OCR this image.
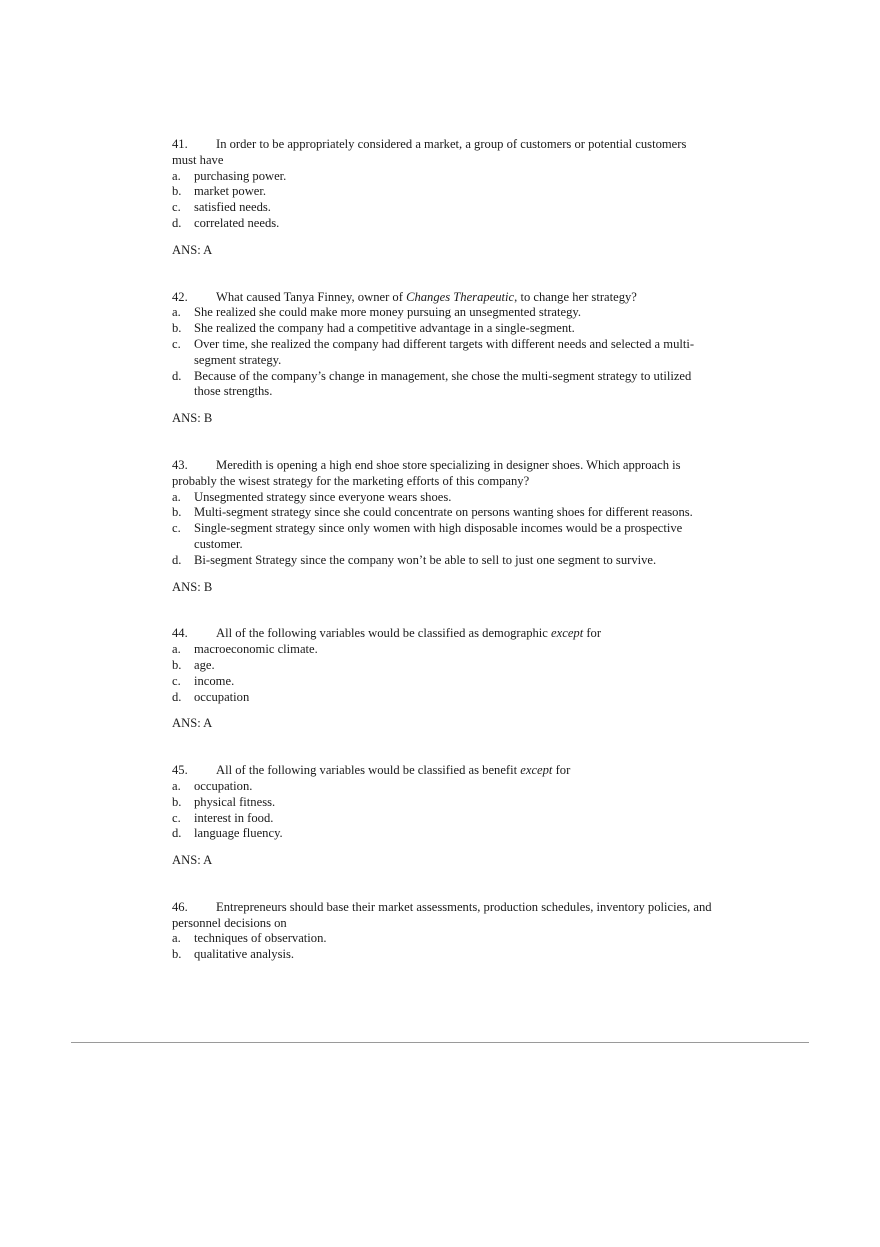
41. In order to be appropriately considered a market, a group of customers or potential customers must have
a. purchasing power.
b. market power.
c. satisfied needs.
d. correlated needs.
ANS: A
42. What caused Tanya Finney, owner of Changes Therapeutic, to change her strategy?
a. She realized she could make more money pursuing an unsegmented strategy.
b. She realized the company had a competitive advantage in a single-segment.
c. Over time, she realized the company had different targets with different needs and selected a multi-segment strategy.
d. Because of the company’s change in management, she chose the multi-segment strategy to utilized those strengths.
ANS: B
43. Meredith is opening a high end shoe store specializing in designer shoes. Which approach is probably the wisest strategy for the marketing efforts of this company?
a. Unsegmented strategy since everyone wears shoes.
b. Multi-segment strategy since she could concentrate on persons wanting shoes for different reasons.
c. Single-segment strategy since only women with high disposable incomes would be a prospective customer.
d. Bi-segment Strategy since the company won’t be able to sell to just one segment to survive.
ANS: B
44. All of the following variables would be classified as demographic except for
a. macroeconomic climate.
b. age.
c. income.
d. occupation
ANS: A
45. All of the following variables would be classified as benefit except for
a. occupation.
b. physical fitness.
c. interest in food.
d. language fluency.
ANS: A
46. Entrepreneurs should base their market assessments, production schedules, inventory policies, and personnel decisions on
a. techniques of observation.
b. qualitative analysis.
